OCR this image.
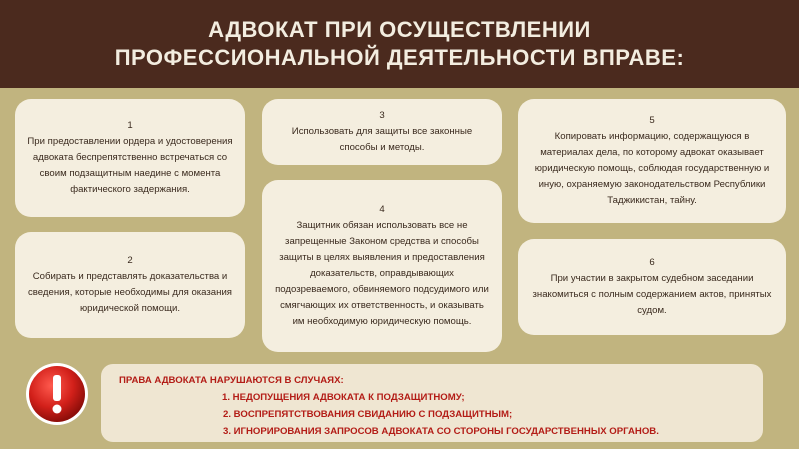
АДВОКАТ ПРИ ОСУЩЕСТВЛЕНИИ
ПРОФЕССИОНАЛЬНОЙ ДЕЯТЕЛЬНОСТИ ВПРАВЕ:
1
При предоставлении ордера и удостоверения адвоката беспрепятственно встречаться со своим подзащитным наедине с момента фактического задержания.
2
Собирать и представлять доказательства и сведения, которые необходимы для оказания юридической помощи.
3
Использовать для защиты все законные способы и методы.
4
Защитник обязан использовать все не запрещенные Законом средства и способы защиты в целях выявления и предоставления доказательств, оправдывающих подозреваемого, обвиняемого подсудимого или смягчающих их ответственность, и оказывать им необходимую юридическую помощь.
5
Копировать информацию, содержащуюся в материалах дела, по которому адвокат оказывает юридическую помощь, соблюдая государственную и иную, охраняемую законодательством Республики Таджикистан, тайну.
6
При участии в закрытом судебном заседании знакомиться с полным содержанием актов, принятых судом.
ПРАВА АДВОКАТА НАРУШАЮТСЯ В СЛУЧАЯХ:
1. НЕДОПУЩЕНИЯ АДВОКАТА К ПОДЗАЩИТНОМУ;
2. ВОСПРЕПЯТСТВОВАНИЯ СВИДАНИЮ С ПОДЗАЩИТНЫМ;
3. ИГНОРИРОВАНИЯ ЗАПРОСОВ АДВОКАТА СО СТОРОНЫ ГОСУДАРСТВЕННЫХ ОРГАНОВ.
